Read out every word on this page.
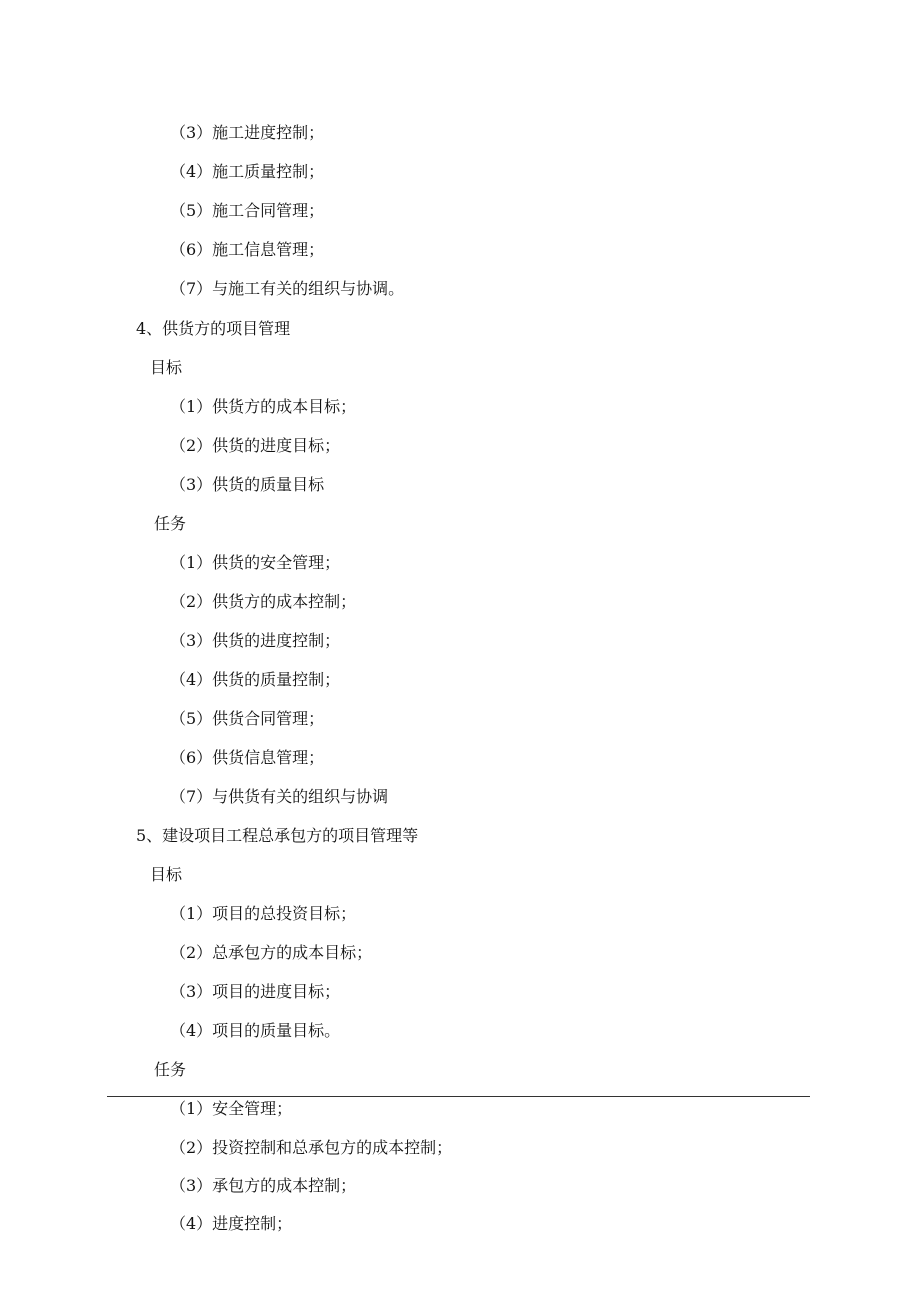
（3）施工进度控制；
（4）施工质量控制；
（5）施工合同管理；
（6）施工信息管理；
（7）与施工有关的组织与协调。
4、供货方的项目管理
目标
（1）供货方的成本目标；
（2）供货的进度目标；
（3）供货的质量目标
任务
（1）供货的安全管理；
（2）供货方的成本控制；
（3）供货的进度控制；
（4）供货的质量控制；
（5）供货合同管理；
（6）供货信息管理；
（7）与供货有关的组织与协调
5、建设项目工程总承包方的项目管理等
目标
（1）项目的总投资目标；
（2）总承包方的成本目标；
（3）项目的进度目标；
（4）项目的质量目标。
任务
（1）安全管理；
（2）投资控制和总承包方的成本控制；
（3）承包方的成本控制；
（4）进度控制；
